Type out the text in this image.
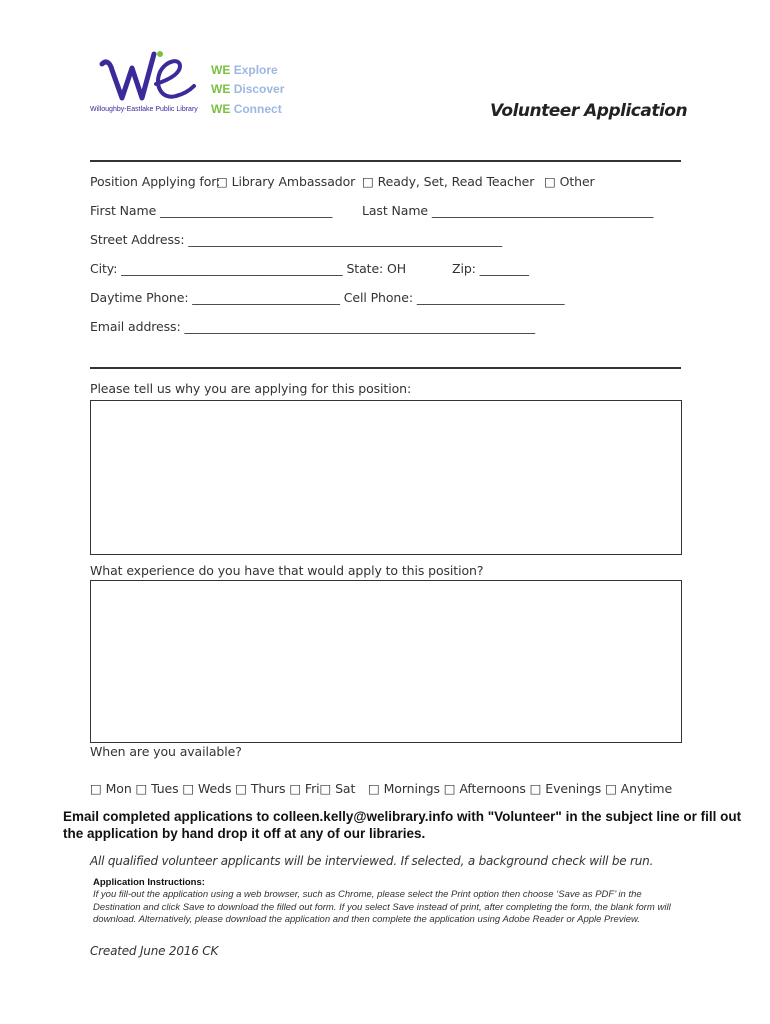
Willoughby-Eastlake Public Library
WE Explore
WE Discover
WE Connect	Volunteer Application
Position Applying for:
□ Library Ambassador □ Ready, Set, Read Teacher □ Other
First Name ____________________________ Last Name ____________________________________
Street Address: ___________________________________________________
City: ____________________________________ State: OH	Zip: ________
Daytime Phone: ________________________ Cell Phone: ________________________
Email address: _________________________________________________________
Please tell us why you are applying for this position:
What experience do you have that would apply to this position?
When are you available?
□ Mon □ Tues □ Weds □ Thurs □ Fri□ Sat □ Mornings □ Afternoons □ Evenings □ Anytime
Email completed applications to colleen.kelly@welibrary.info with "Volunteer" in the subject line or fill out the application by hand drop it off at any of our libraries.
All qualified volunteer applicants will be interviewed. If selected, a background check will be run.
Application Instructions:
If you fill-out the application using a web browser, such as Chrome, please select the Print option then choose ‘Save as PDF’ in the Destination and click Save to download the filled out form. If you select Save instead of print, after completing the form, the blank form will download. Alternatively, please download the application and then complete the application using Adobe Reader or Apple Preview.
Created June 2016 CK
